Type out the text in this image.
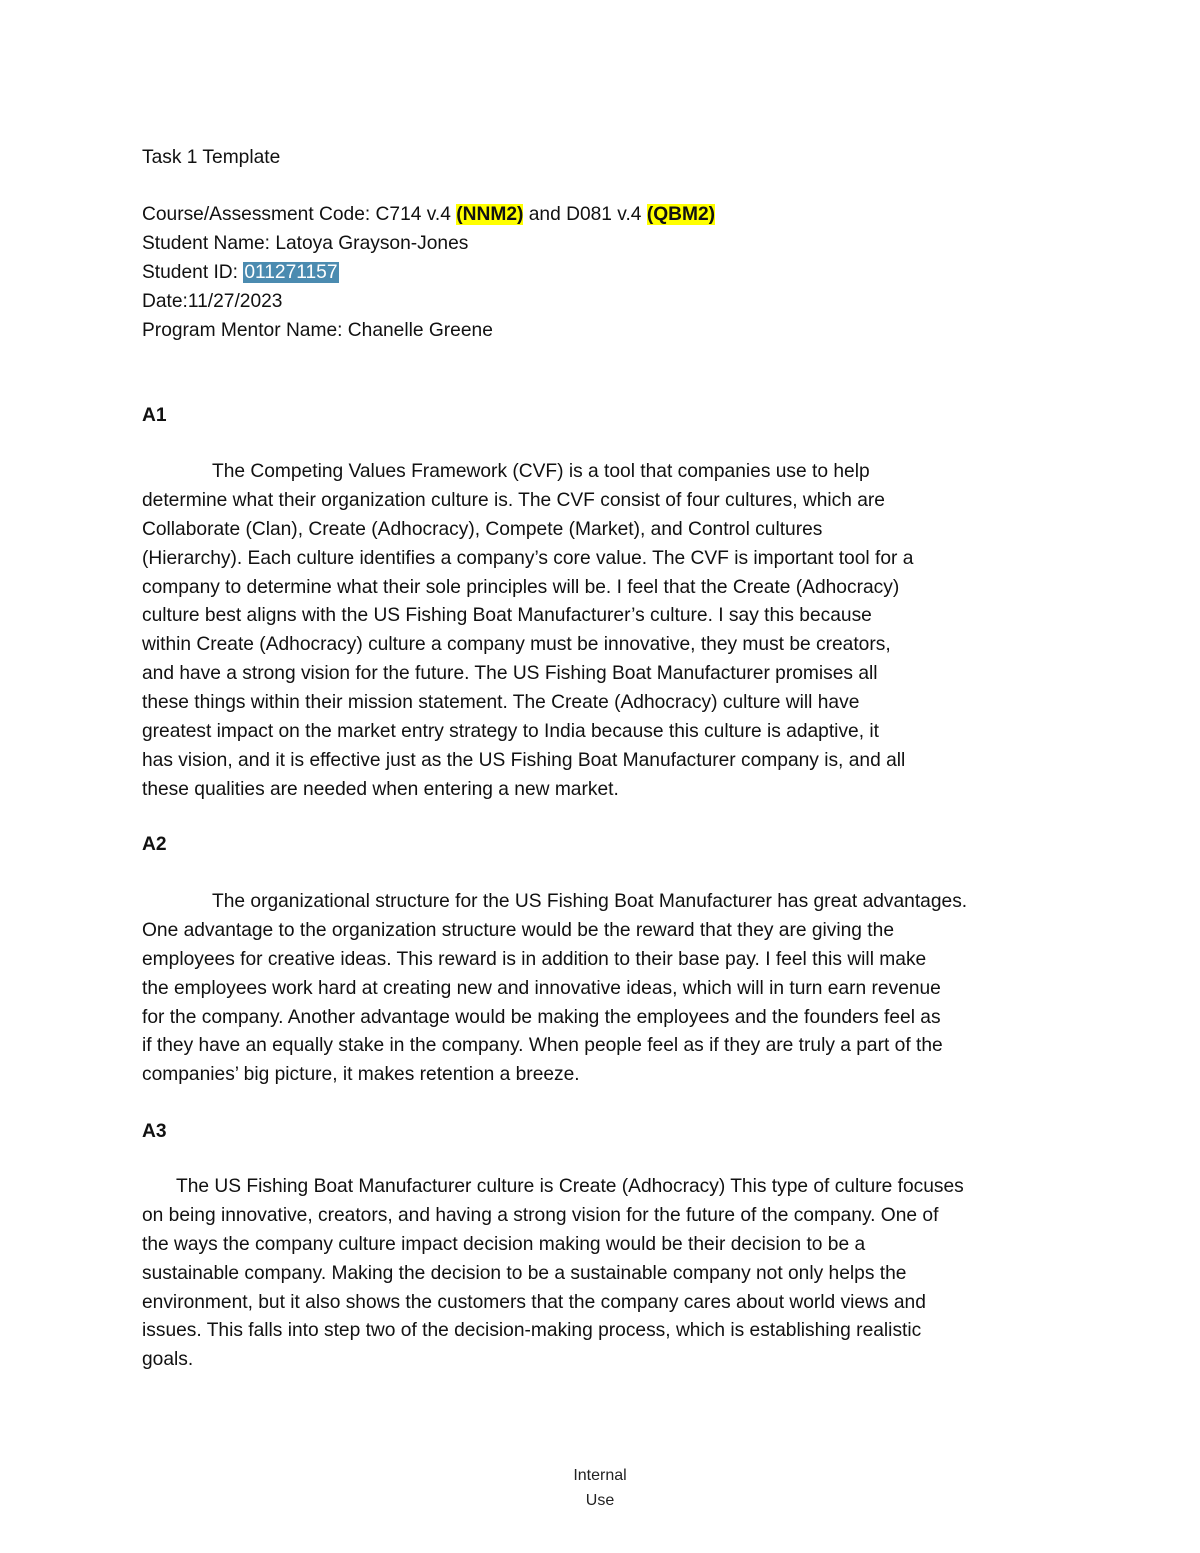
Task 1 Template
Course/Assessment Code: C714 v.4 (NNM2) and D081 v.4 (QBM2)
Student Name: Latoya Grayson-Jones
Student ID: 011271157
Date:11/27/2023
Program Mentor Name: Chanelle Greene
A1
The Competing Values Framework (CVF) is a tool that companies use to help
determine what their organization culture is. The CVF consist of four cultures, which are
Collaborate (Clan), Create (Adhocracy), Compete (Market), and Control cultures
(Hierarchy). Each culture identifies a company’s core value. The CVF is important tool for a
company to determine what their sole principles will be. I feel that the Create (Adhocracy)
culture best aligns with the US Fishing Boat Manufacturer’s culture. I say this because
within Create (Adhocracy) culture a company must be innovative, they must be creators,
and have a strong vision for the future. The US Fishing Boat Manufacturer promises all
these things within their mission statement. The Create (Adhocracy) culture will have
greatest impact on the market entry strategy to India because this culture is adaptive, it
has vision, and it is effective just as the US Fishing Boat Manufacturer company is, and all
these qualities are needed when entering a new market.
A2
The organizational structure for the US Fishing Boat Manufacturer has great advantages.
One advantage to the organization structure would be the reward that they are giving the
employees for creative ideas. This reward is in addition to their base pay. I feel this will make
the employees work hard at creating new and innovative ideas, which will in turn earn revenue
for the company. Another advantage would be making the employees and the founders feel as
if they have an equally stake in the company. When people feel as if they are truly a part of the
companies’ big picture, it makes retention a breeze.
A3
The US Fishing Boat Manufacturer culture is Create (Adhocracy) This type of culture focuses
on being innovative, creators, and having a strong vision for the future of the company. One of
the ways the company culture impact decision making would be their decision to be a
sustainable company. Making the decision to be a sustainable company not only helps the
environment, but it also shows the customers that the company cares about world views and
issues. This falls into step two of the decision-making process, which is establishing realistic
goals.
Internal
Use
